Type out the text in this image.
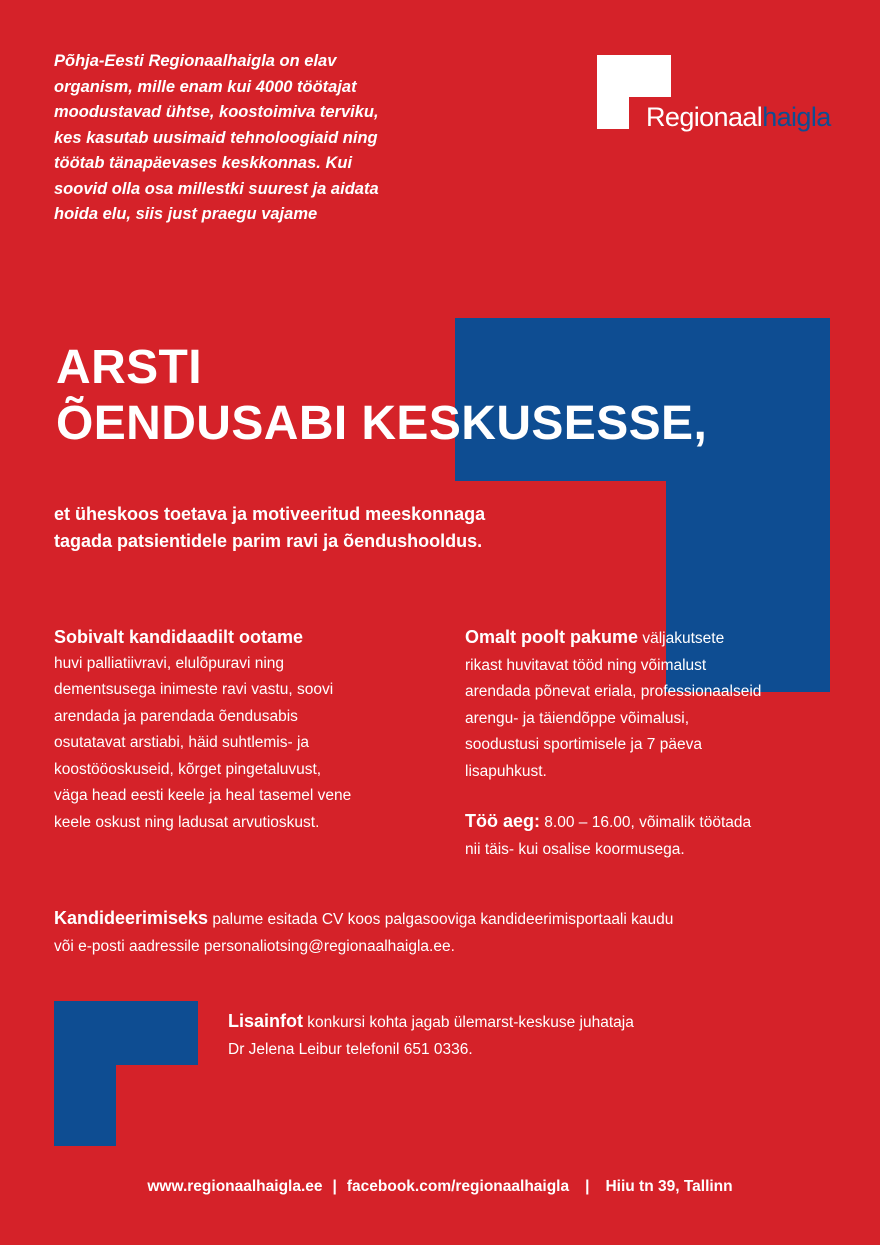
Regionaalhaigla

Põhja-Eesti Regionaalhaigla on elav

organism, mille enam kui 4000 töötajat

moodustavad ühtse, koostoimiva terviku,

kes kasutab uusimaid tehnoloogiaid ning

töötab tänapäevases keskkonnas. Kui

soovid olla osa millestki suurest ja aidata

hoida elu, siis just praegu vajame

ARSTI
ÕENDUSABI KESKUSESSE,
et üheskoos toetava ja motiveeritud meeskonnaga
tagada patsientidele parim ravi ja õendushooldus.
Sobivalt kandidaadilt ootame
huvi palliatiivravi, elulõpuravi ning
dementsusega inimeste ravi vastu, soovi
arendada ja parendada õendusabis
osutatavat arstiabi, häid suhtlemis- ja
koostööoskuseid, kõrget pingetaluvust,
väga head eesti keele ja heal tasemel vene
keele oskust ning ladusat arvutioskust.
Omalt poolt pakume väljakutsete
rikast huvitavat tööd ning võimalust
arendada põnevat eriala, professionaalseid
arengu- ja täiendõppe võimalusi,
soodustusi sportimisele ja 7 päeva
lisapuhkust.
Töö aeg: 8.00 – 16.00, võimalik töötada
nii täis- kui osalise koormusega.
Kandideerimiseks palume esitada CV koos palgasooviga kandideerimisportaali kaudu
või e-posti aadressile personaliotsing@regionaalhaigla.ee.
Lisainfot konkursi kohta jagab ülemarst-keskuse juhataja
Dr Jelena Leibur telefonil 651 0336.
www.regionaalhaigla.ee | facebook.com/regionaalhaigla | Hiiu tn 39, Tallinn
